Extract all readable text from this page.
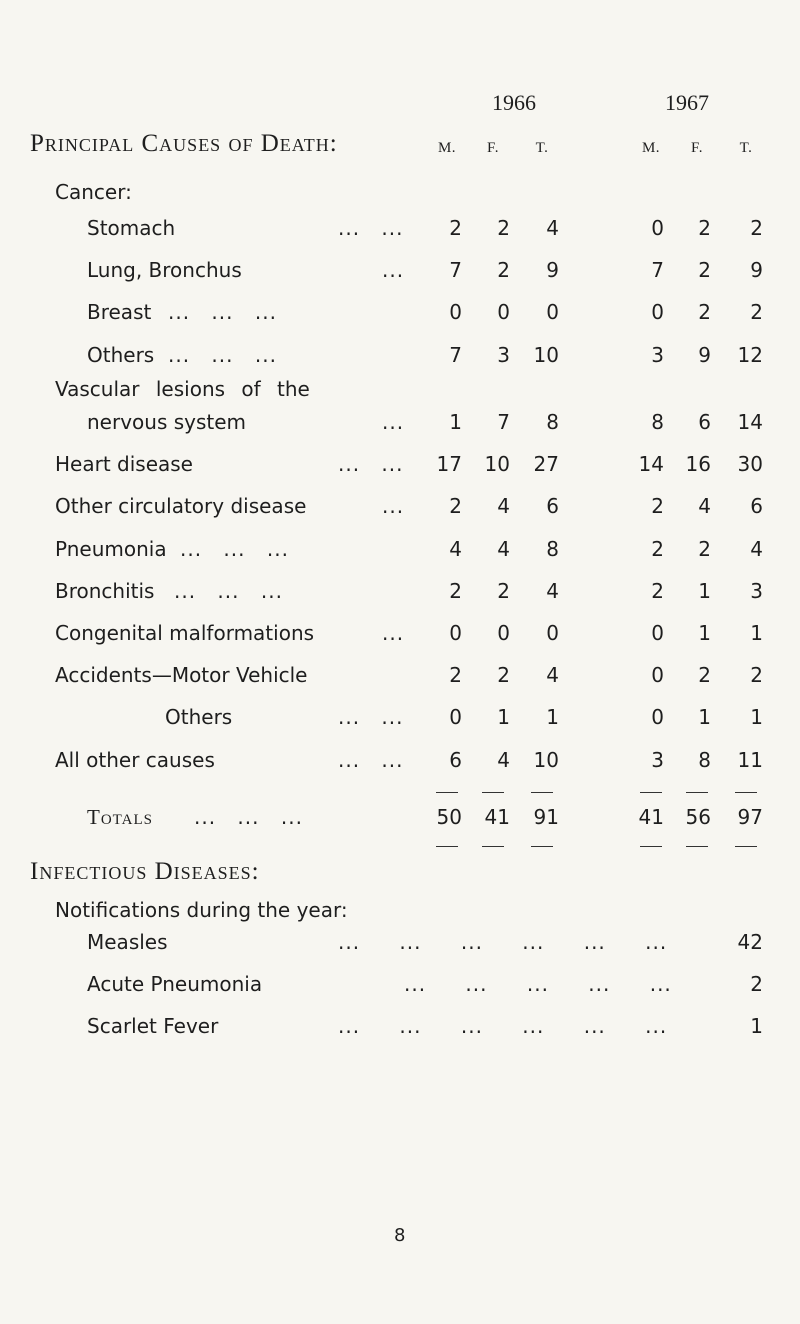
1966	1967
Principal Causes of Death:	M.	F.	T.	M.	F.	T.
Cancer:
Stomach	... ...	2	2	4	0	2	2
Lung, Bronchus	...	7	2	9	7	2	9
Breast ... ... ...	0	0	0	0	2	2
Others ... ... ...	7	3	10	3	9	12
Vascular lesions of the
nervous system	...	1	7	8	8	6	14
Heart disease	... ...	17	10	27	14	16	30
Other circulatory disease	...	2	4	6	2	4	6
Pneumonia ... ... ...	4	4	8	2	2	4
Bronchitis ... ... ...	2	2	4	2	1	3
Congenital malformations	...	0	0	0	0	1	1
Accidents—Motor Vehicle	2	2	4	0	2	2
Others	... ...	0	1	1	0	1	1
All other causes	... ...	6	4	10	3	8	11
Totals ... ... ...	50	41	91	41	56	97
Infectious Diseases:
Notifications during the year:
Measles	... ... ... ... ... ...	42
Acute Pneumonia	... ... ... ... ...	2
Scarlet Fever	... ... ... ... ... ...	1
8
